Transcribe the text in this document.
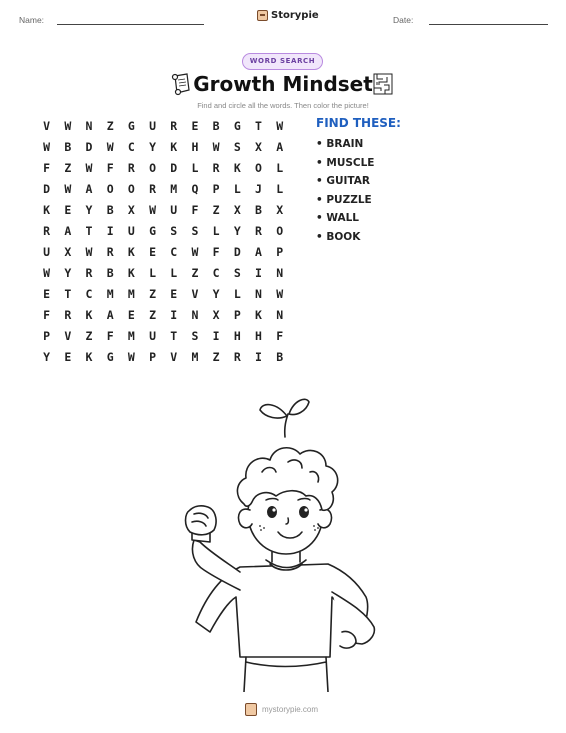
Name:	Storypie	Date:
WORD SEARCH
Growth Mindset
Find and circle all the words. Then color the picture!
V	W	N	Z	G	U	R	E	B	G	T	W
W	B	D	W	C	Y	K	H	W	S	X	A
F	Z	W	F	R	O	D	L	R	K	O	L
D	W	A	O	O	R	M	Q	P	L	J	L
K	E	Y	B	X	W	U	F	Z	X	B	X
R	A	T	I	U	G	S	S	L	Y	R	O
U	X	W	R	K	E	C	W	F	D	A	P
W	Y	R	B	K	L	L	Z	C	S	I	N
E	T	C	M	M	Z	E	V	Y	L	N	W
F	R	K	A	E	Z	I	N	X	P	K	N
P	V	Z	F	M	U	T	S	I	H	H	F
Y	E	K	G	W	P	V	M	Z	R	I	B
FIND THESE:
• BRAIN
• MUSCLE
• GUITAR
• PUZZLE
• WALL
• BOOK
mystorypie.com
